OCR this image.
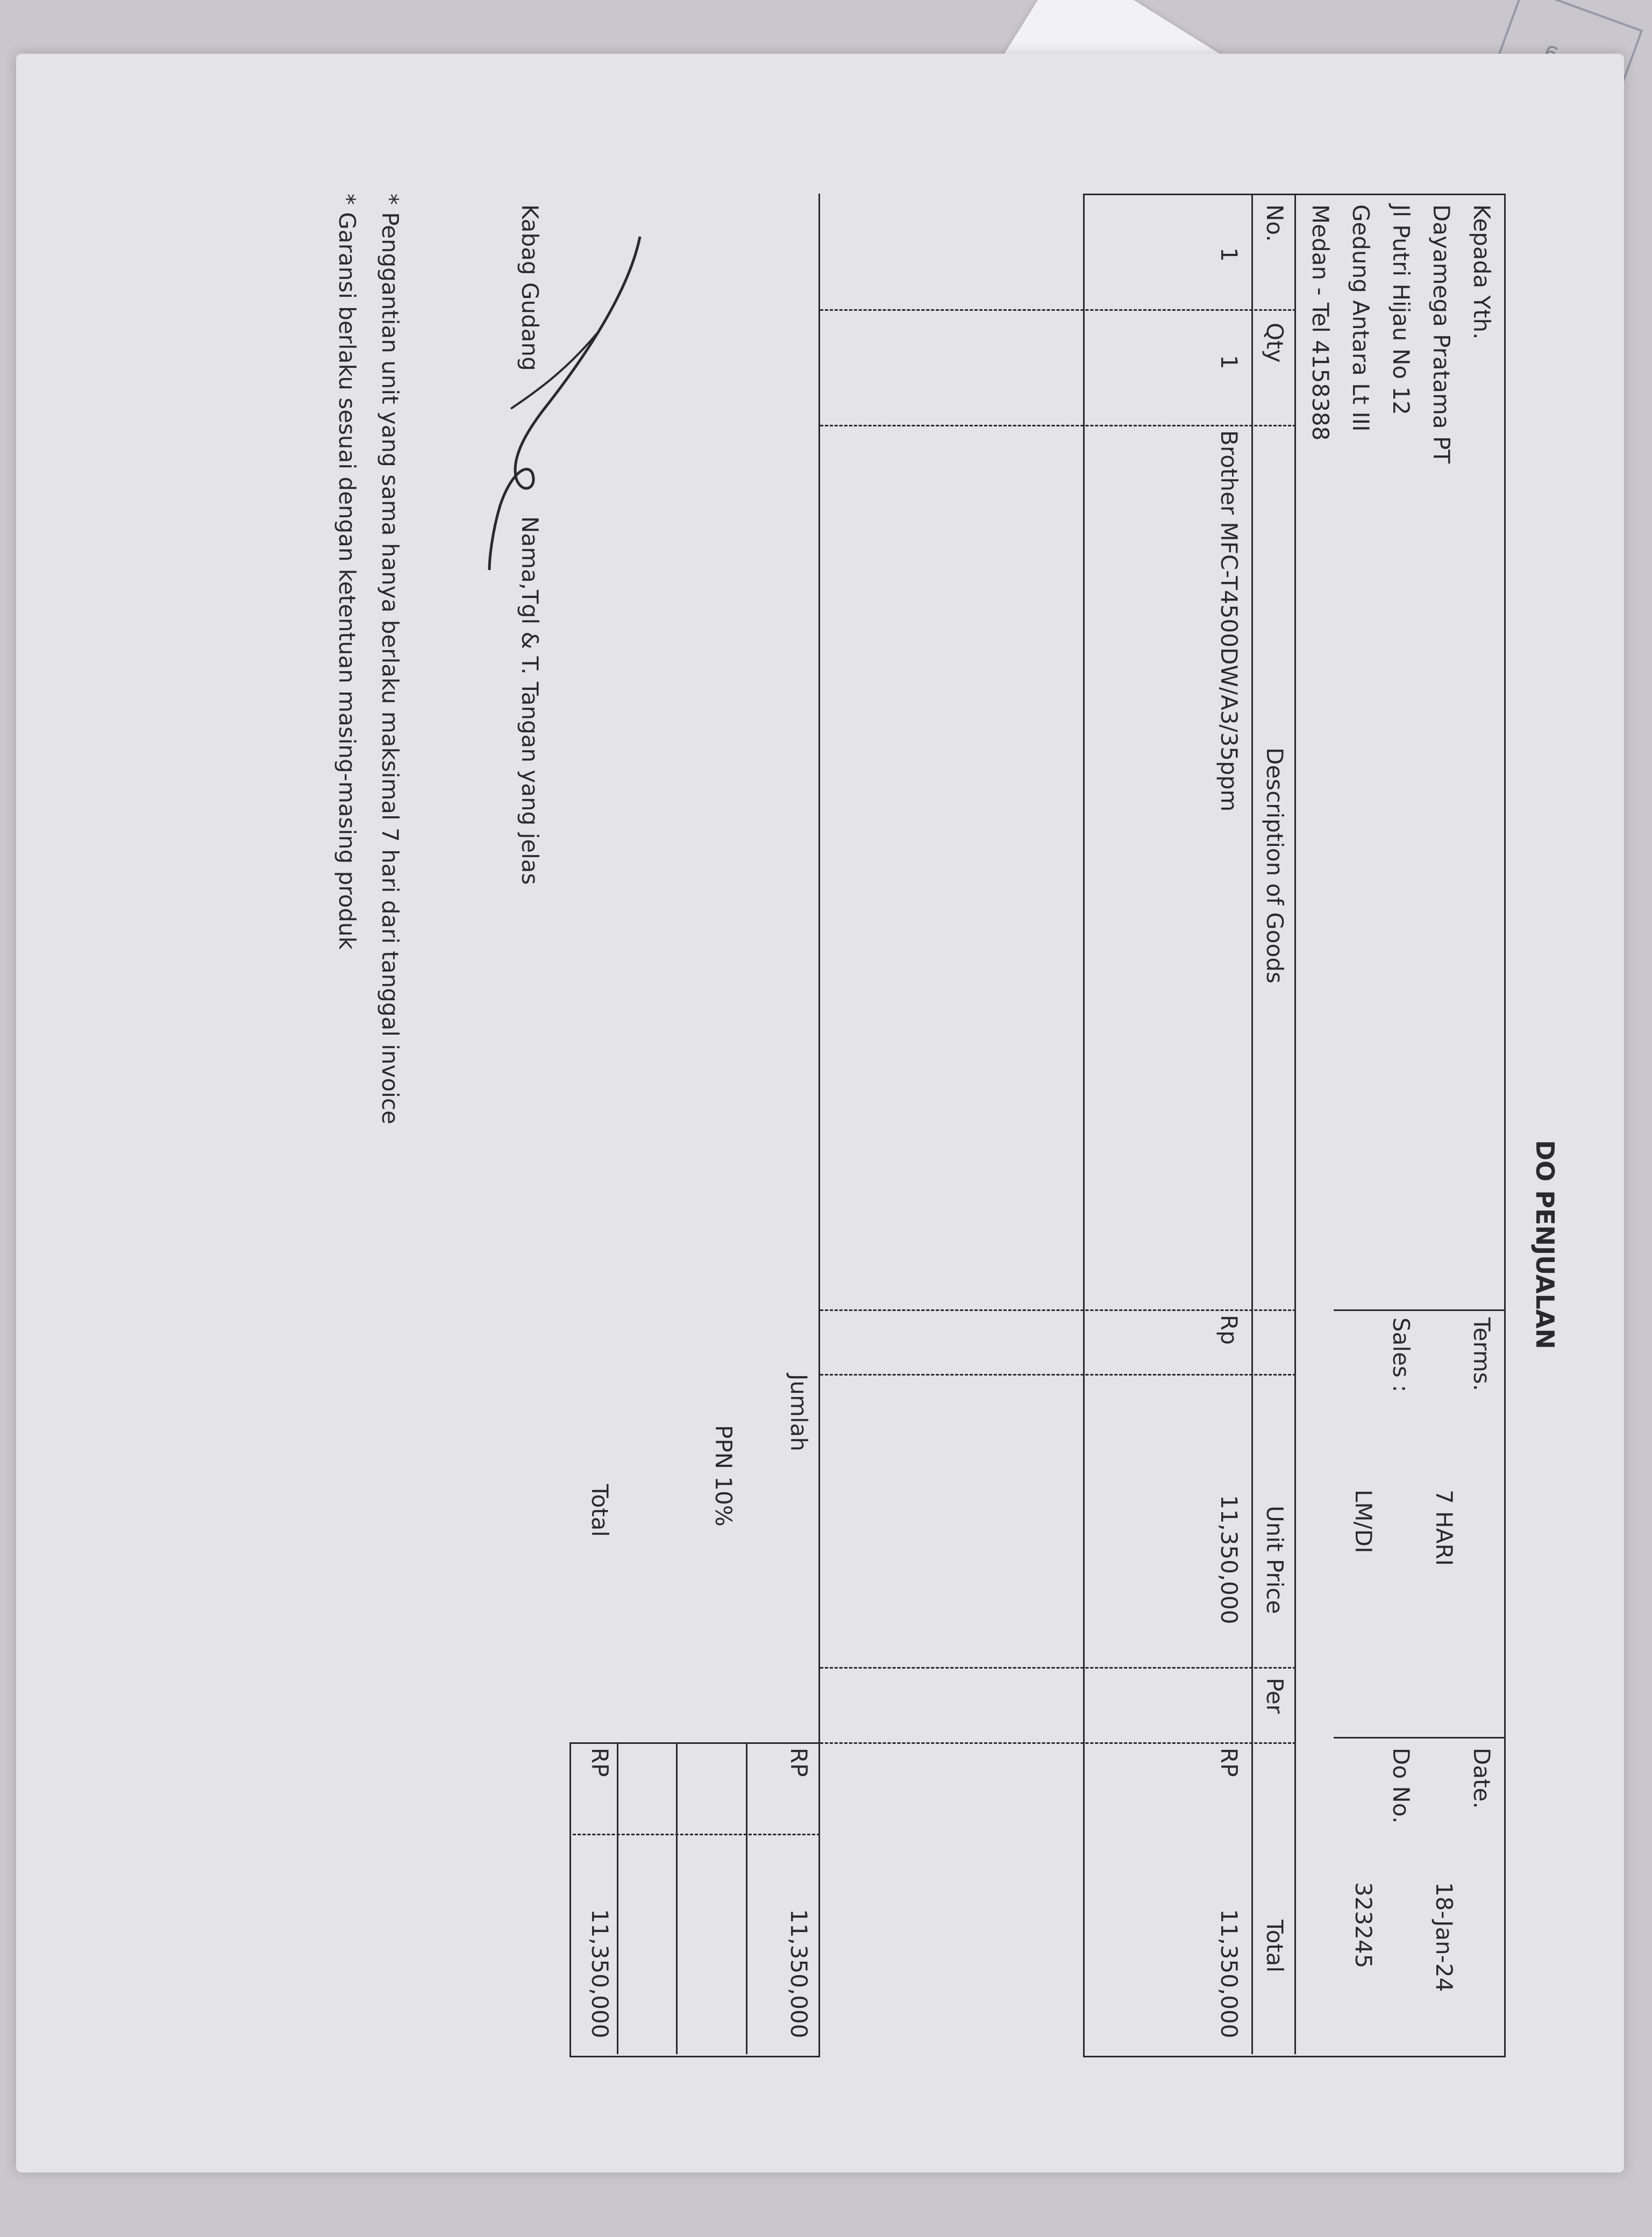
DO PENJUALAN
Kepada Yth.
Dayamega Pratama PT
Jl Putri Hijau No 12
Gedung Antara Lt III
Medan - Tel 4158388
Terms.
7 HARI
Sales :
LM/DI
Date.
18-Jan-24
Do No.
323245
No.
Qty
Description of Goods
Unit Price
Per
Total
1
1
Brother MFC-T4500DW/A3/35ppm
Rp
11,350,000
RP
11,350,000
Jumlah
RP
11,350,000
PPN 10%
Total
RP
11,350,000
Kabag Gudang
Nama,Tgl & T. Tangan yang jelas
* Penggantian unit yang sama hanya berlaku maksimal 7 hari dari tanggal invoice
* Garansi berlaku sesuai dengan ketentuan masing-masing produk
